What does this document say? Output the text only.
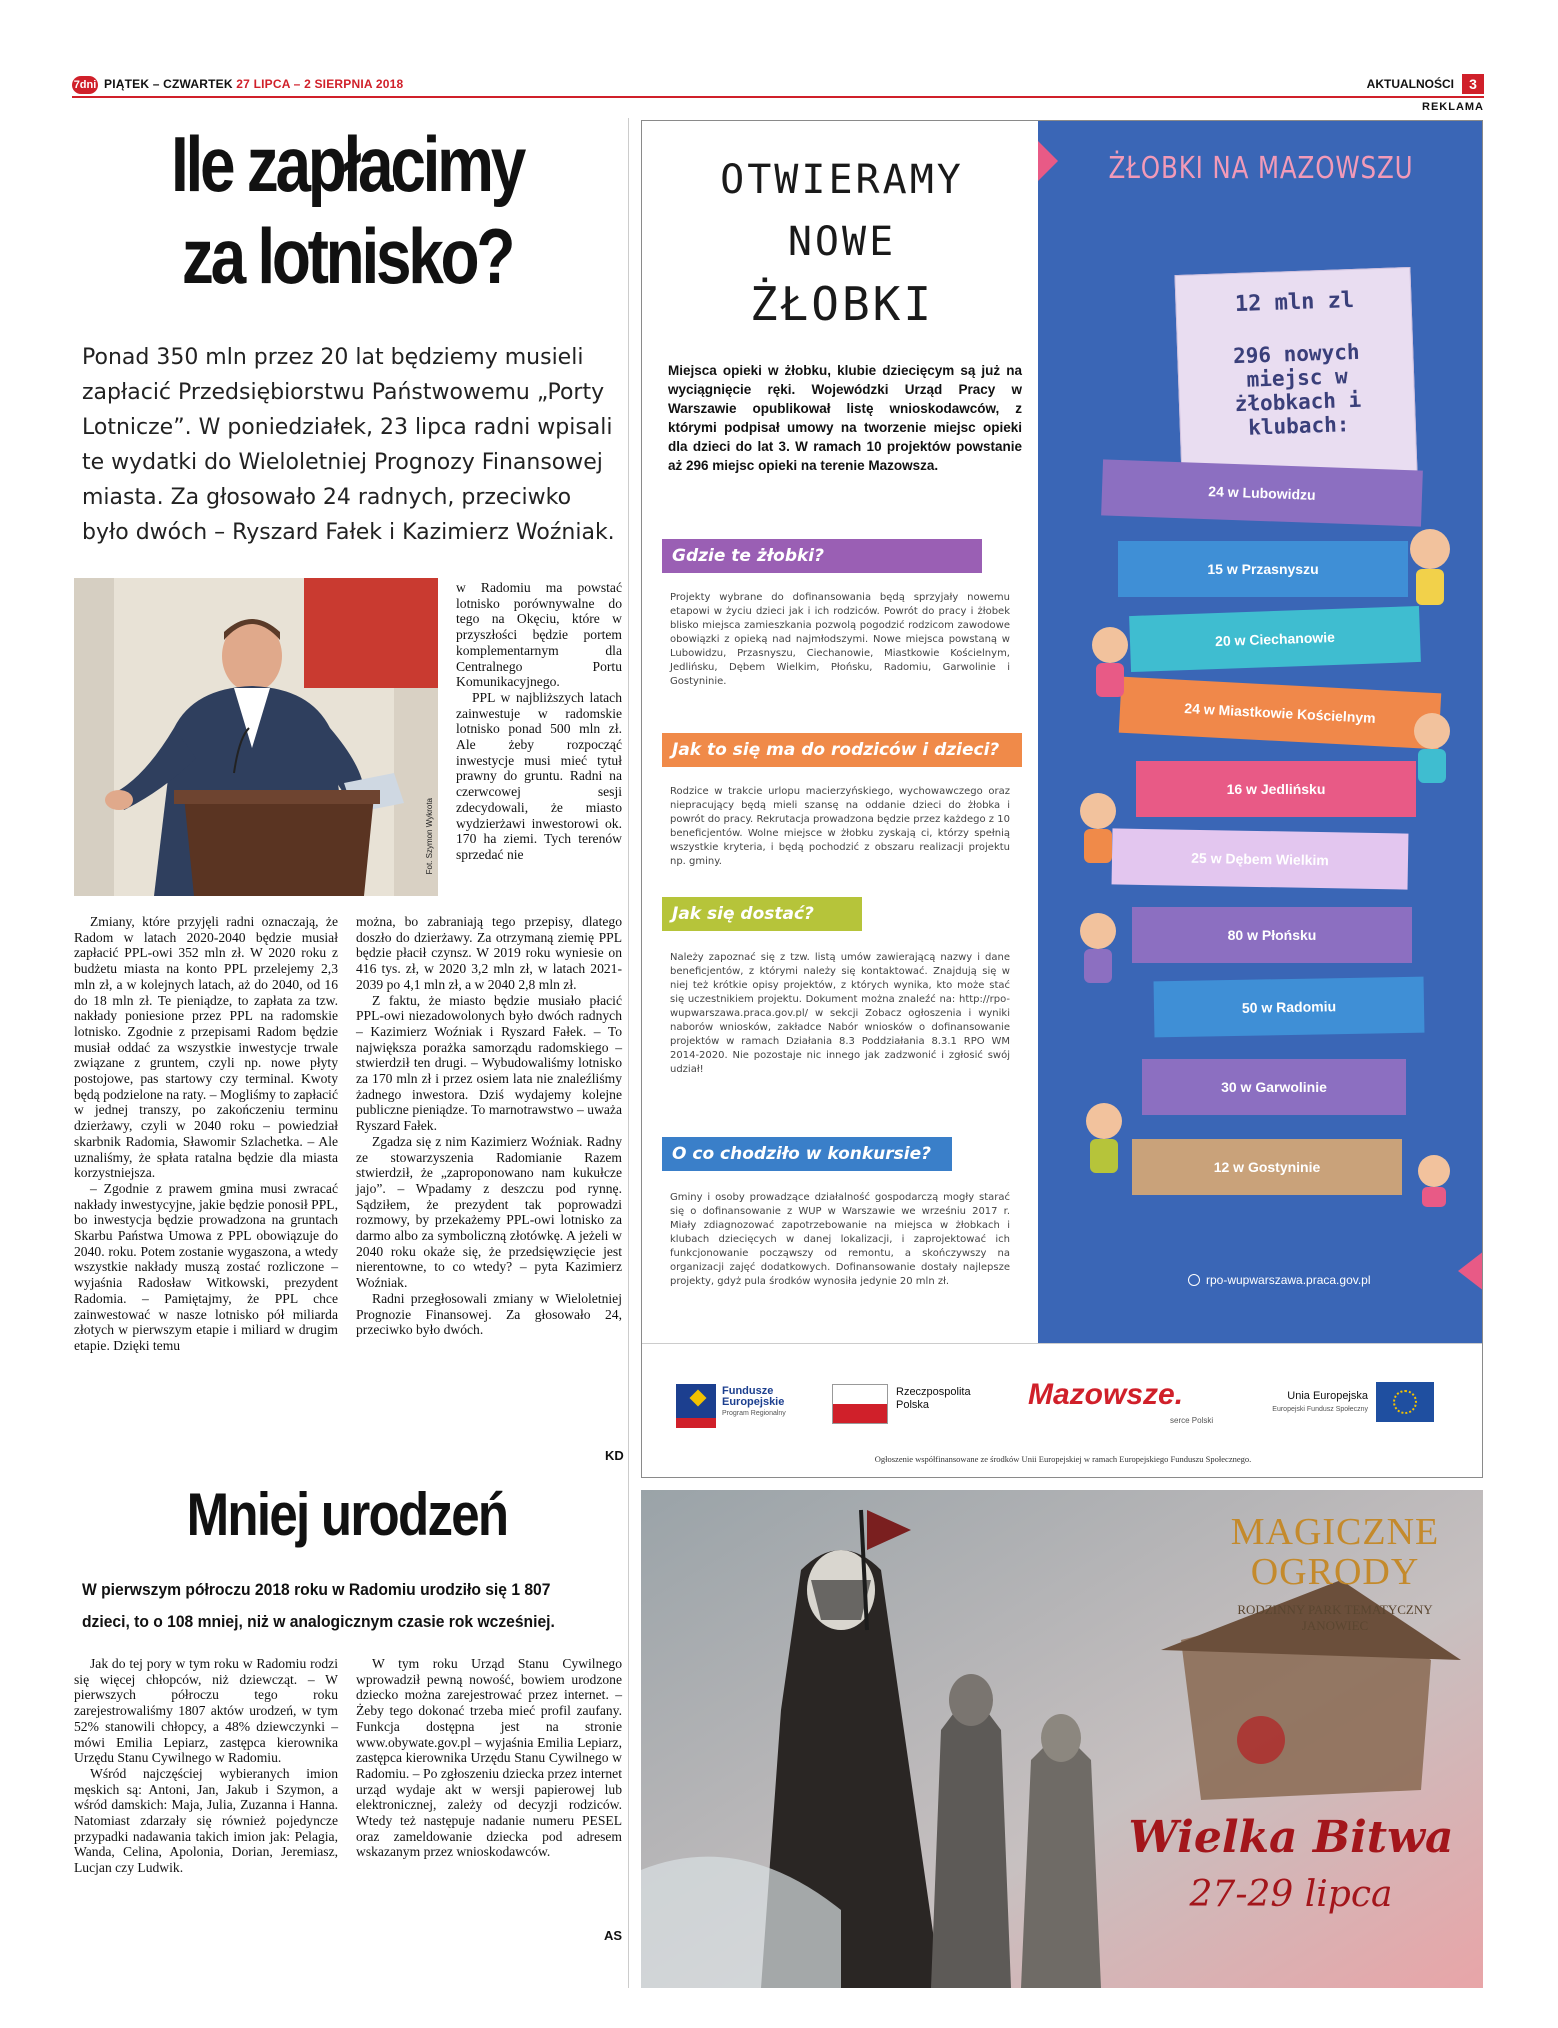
7dni PIĄTEK – CZWARTEK 27 LIPCA – 2 SIERPNIA 2018	AKTUALNOŚCI	3
REKLAMA
Ile zapłacimy
za lotnisko?
Ponad 350 mln przez 20 lat będziemy musieli zapłacić Przedsiębiorstwu Państwowemu „Porty Lotnicze”. W poniedziałek, 23 lipca radni wpisali te wydatki do Wieloletniej Prognozy Finansowej miasta. Za głosowało 24 radnych, przeciwko było dwóch – Ryszard Fałek i Kazimierz Woźniak.
Fot. Szymon Wykrota

w Radomiu ma powstać lotnisko porównywalne do tego na Okęciu, które w przyszłości będzie portem komplementarnym dla Centralnego Portu Komunikacyjnego.

PPL w najbliższych latach zainwestuje w radomskie lotnisko ponad 500 mln zł. Ale żeby rozpocząć inwestycje musi mieć tytuł prawny do gruntu. Radni na czerwcowej sesji zdecydowali, że miasto wydzierżawi inwestorowi ok. 170 ha ziemi. Tych terenów sprzedać nie

Zmiany, które przyjęli radni oznaczają, że Radom w latach 2020-2040 będzie musiał zapłacić PPL-owi 352 mln zł. W 2020 roku z budżetu miasta na konto PPL przelejemy 2,3 mln zł, a w kolejnych latach, aż do 2040, od 16 do 18 mln zł. Te pieniądze, to zapłata za tzw. nakłady poniesione przez PPL na radomskie lotnisko. Zgodnie z przepisami Radom będzie musiał oddać za wszystkie inwestycje trwale związane z gruntem, czyli np. nowe płyty postojowe, pas startowy czy terminal. Kwoty będą podzielone na raty. – Mogliśmy to zapłacić w jednej transzy, po zakończeniu terminu dzierżawy, czyli w 2040 roku – powiedział skarbnik Radomia, Sławomir Szlachetka. – Ale uznaliśmy, że spłata ratalna będzie dla miasta korzystniejsza.

– Zgodnie z prawem gmina musi zwracać nakłady inwestycyjne, jakie będzie ponosił PPL, bo inwestycja będzie prowadzona na gruntach Skarbu Państwa Umowa z PPL obowiązuje do 2040. roku. Potem zostanie wygaszona, a wtedy wszystkie nakłady muszą zostać rozliczone – wyjaśnia Radosław Witkowski, prezydent Radomia. – Pamiętajmy, że PPL chce zainwestować w nasze lotnisko pół miliarda złotych w pierwszym etapie i miliard w drugim etapie. Dzięki temu

można, bo zabraniają tego przepisy, dlatego doszło do dzierżawy. Za otrzymaną ziemię PPL będzie płacił czynsz. W 2019 roku wyniesie on 416 tys. zł, w 2020 3,2 mln zł, w latach 2021-2039 po 4,1 mln zł, a w 2040 2,8 mln zł.

Z faktu, że miasto będzie musiało płacić PPL-owi niezadowolonych było dwóch radnych – Kazimierz Woźniak i Ryszard Fałek. – To największa porażka samorządu radomskiego – stwierdził ten drugi. – Wybudowaliśmy lotnisko za 170 mln zł i przez osiem lata nie znaleźliśmy żadnego inwestora. Dziś wydajemy kolejne publiczne pieniądze. To marnotrawstwo – uważa Ryszard Fałek.

Zgadza się z nim Kazimierz Woźniak. Radny ze stowarzyszenia Radomianie Razem stwierdził, że „zaproponowano nam kukułcze jajo”. – Wpadamy z deszczu pod rynnę. Sądziłem, że prezydent tak poprowadzi rozmowy, by przekażemy PPL-owi lotnisko za darmo albo za symboliczną złotówkę. A jeżeli w 2040 roku okaże się, że przedsięwzięcie jest nierentowne, to co wtedy? – pyta Kazimierz Woźniak.

Radni przegłosowali zmiany w Wieloletniej Prognozie Finansowej. Za głosowało 24, przeciwko było dwóch.

KD
Mniej urodzeń
W pierwszym półroczu 2018 roku w Radomiu urodziło się 1 807 dzieci, to o 108 mniej, niż w analogicznym czasie rok wcześniej.

Jak do tej pory w tym roku w Radomiu rodzi się więcej chłopców, niż dziewcząt. – W pierwszych półroczu tego roku zarejestrowaliśmy 1807 aktów urodzeń, w tym 52% stanowili chłopcy, a 48% dziewczynki – mówi Emilia Lepiarz, zastępca kierownika Urzędu Stanu Cywilnego w Radomiu.

Wśród najczęściej wybieranych imion męskich są: Antoni, Jan, Jakub i Szymon, a wśród damskich: Maja, Julia, Zuzanna i Hanna. Natomiast zdarzały się również pojedyncze przypadki nadawania takich imion jak: Pelagia, Wanda, Celina, Apolonia, Dorian, Jeremiasz, Lucjan czy Ludwik.

W tym roku Urząd Stanu Cywilnego wprowadził pewną nowość, bowiem urodzone dziecko można zarejestrować przez internet. – Żeby tego dokonać trzeba mieć profil zaufany. Funkcja dostępna jest na stronie www.obywate.gov.pl – wyjaśnia Emilia Lepiarz, zastępca kierownika Urzędu Stanu Cywilnego w Radomiu. – Po zgłoszeniu dziecka przez internet urząd wydaje akt w wersji papierowej lub elektronicznej, zależy od decyzji rodziców. Wtedy też następuje nadanie numeru PESEL oraz zameldowanie dziecka pod adresem wskazanym przez wnioskodawców.

AS
OTWIERAMY
NOWE
ŻŁOBKI
Miejsca opieki w żłobku, klubie dziecięcym są już na wyciągnięcie ręki. Wojewódzki Urząd Pracy w Warszawie opublikował listę wnioskodawców, z którymi podpisał umowy na tworzenie miejsc opieki dla dzieci do lat 3. W ramach 10 projektów powstanie aż 296 miejsc opieki na terenie Mazowsza.
Gdzie te żłobki?
Projekty wybrane do dofinansowania będą sprzyjały nowemu etapowi w życiu dzieci jak i ich rodziców. Powrót do pracy i żłobek blisko miejsca zamieszkania pozwolą pogodzić rodzicom zawodowe obowiązki z opieką nad najmłodszymi. Nowe miejsca powstaną w Lubowidzu, Przasnyszu, Ciechanowie, Miastkowie Kościelnym, Jedlińsku, Dębem Wielkim, Płońsku, Radomiu, Garwolinie i Gostyninie.
Jak to się ma do rodziców i dzieci?
Rodzice w trakcie urlopu macierzyńskiego, wychowawczego oraz niepracujący będą mieli szansę na oddanie dzieci do żłobka i powrót do pracy. Rekrutacja prowadzona będzie przez każdego z 10 beneficjentów. Wolne miejsce w żłobku zyskają ci, którzy spełnią wszystkie kryteria, i będą pochodzić z obszaru realizacji projektu np. gminy.
Jak się dostać?
Należy zapoznać się z tzw. listą umów zawierającą nazwy i dane beneficjentów, z którymi należy się kontaktować. Znajdują się w niej też krótkie opisy projektów, z których wynika, kto może stać się uczestnikiem projektu. Dokument można znaleźć na: http://rpo-wupwarszawa.praca.gov.pl/ w sekcji Zobacz ogłoszenia i wyniki naborów wniosków, zakładce Nabór wniosków o dofinansowanie projektów w ramach Działania 8.3 Poddziałania 8.3.1 RPO WM 2014-2020. Nie pozostaje nic innego jak zadzwonić i zgłosić swój udział!
O co chodziło w konkursie?
Gminy i osoby prowadzące działalność gospodarczą mogły starać się o dofinansowanie z WUP w Warszawie we wrześniu 2017 r. Miały zdiagnozować zapotrzebowanie na miejsca w żłobkach i klubach dziecięcych w danej lokalizacji, i zaprojektować ich funkcjonowanie począwszy od remontu, a skończywszy na organizacji zajęć dodatkowych. Dofinansowanie dostały najlepsze projekty, gdyż pula środków wynosiła jedynie 20 mln zł.
ŻŁOBKI NA MAZOWSZU
12 mln zl
296 nowych miejsc w żłobkach i klubach:
24 w Lubowidzu
15 w Przasnyszu
20 w Ciechanowie
24 w Miastkowie Kościelnym
16 w Jedlińsku
25 w Dębem Wielkim
80 w Płońsku
50 w Radomiu
30 w Garwolinie
12 w Gostyninie
rpo-wupwarszawa.praca.gov.pl
Fundusze
Europejskie
Program Regionalny
Rzeczpospolita
Polska	Mazowsze.
serce Polski
Unia Europejska
Europejski Fundusz Społeczny
Ogłoszenie współfinansowane ze środków Unii Europejskiej w ramach Europejskiego Funduszu Społecznego.
MAGICZNE
OGRODY
RODZINNY PARK TEMATYCZNY
JANOWIEC
Wielka Bitwa
27-29 lipca
